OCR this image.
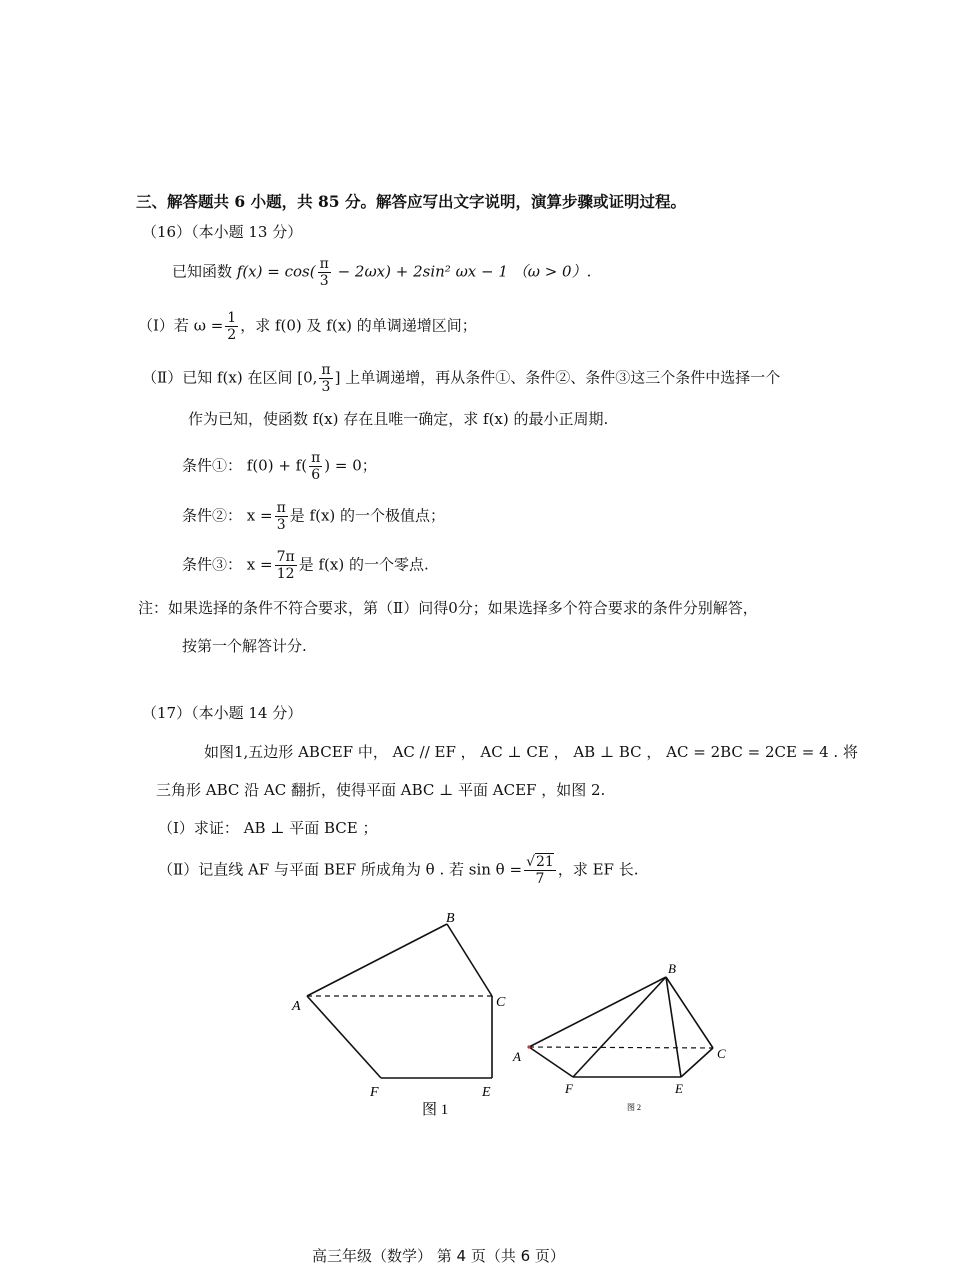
三、解答题共 6 小题，共 85 分。解答应写出文字说明，演算步骤或证明过程。
（16）（本小题 13 分）
已知函数 $f(x) = \cos( \frac{\pi}{3} - 2\omega x) + 2\sin^2$ ωx − 1 （ω > 0）.
（Ⅰ）若 $\omega = \frac{1}{2}$ ，求 f(0) 及 f(x) 的单调递增区间；
（Ⅱ）已知 f(x) 在区间 [0, $\frac{\pi}{3}$ ] 上单调递增，再从条件①、条件②、条件③这三个条件中选择一个
作为已知，使函数 f(x) 存在且唯一确定，求 f(x) 的最小正周期.
条件①： $f(0) + f( \frac{\pi}{6}$ ) = 0；
条件②： $x = \frac{\pi}{3}$ 是 f(x) 的一个极值点；
条件③： $x = \frac{7\pi}{12}$ 是 f(x) 的一个零点.
注：如果选择的条件不符合要求，第（Ⅱ）问得0分；如果选择多个符合要求的条件分别解答，
按第一个解答计分.
（17）（本小题 14 分）
如图1,五边形 ABCEF 中， AC // EF ， AC ⊥ CE ， AB ⊥ BC ， AC = 2BC = 2CE = 4 . 将
三角形 ABC 沿 AC 翻折，使得平面 ABC ⊥ 平面 ACEF ，如图 2.
（Ⅰ）求证： AB ⊥ 平面 BCE ；
（Ⅱ）记直线 AF 与平面 BEF 所成角为 θ . 若 $\sin \theta = \frac{√21}{7}$ ，求 EF 长.
B
A	C
F	E
图 1
B
A	C
F	E
图 2
高三年级（数学） 第 4 页（共 6 页）
